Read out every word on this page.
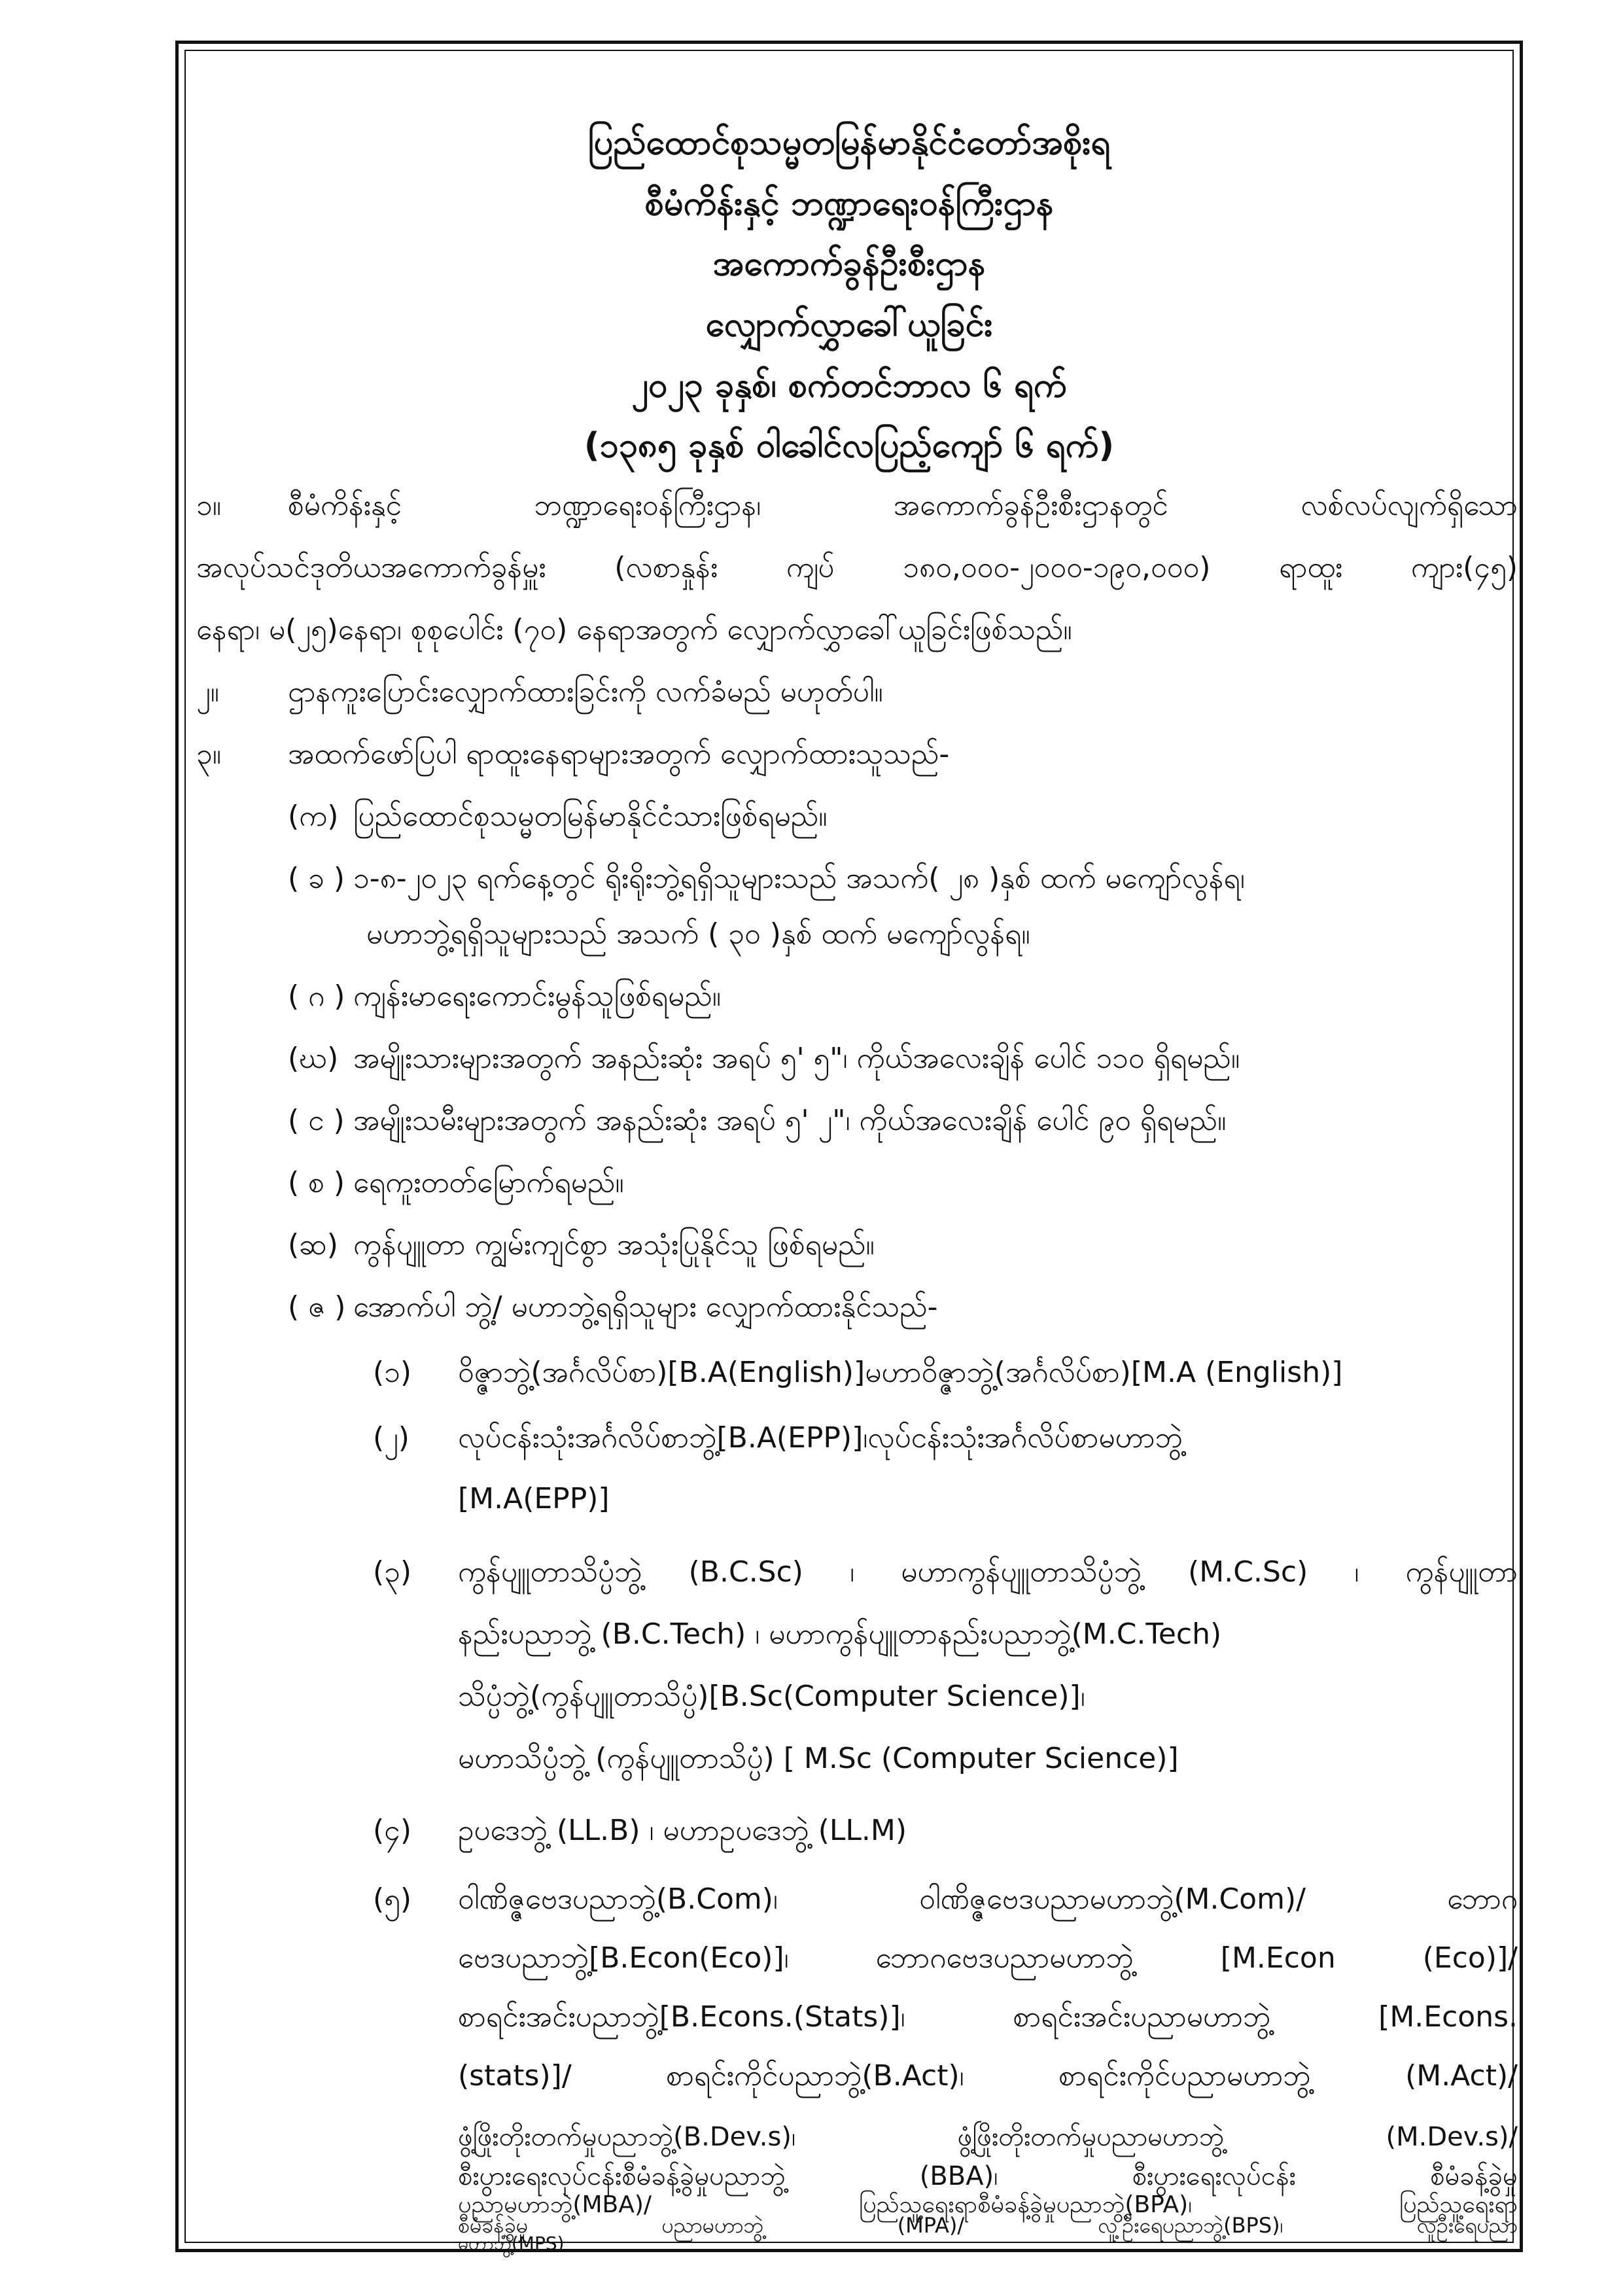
ပြည်ထောင်စုသမ္မတမြန်မာနိုင်ငံတော်အစိုးရ
စီမံကိန်းနှင့် ဘဏ္ဍာရေးဝန်ကြီးဌာန
အကောက်ခွန်ဦးစီးဌာန
လျှောက်လွှာခေါ်ယူခြင်း
၂၀၂၃ ခုနှစ်၊ စက်တင်ဘာလ ၆ ရက်
(၁၃၈၅ ခုနှစ် ဝါခေါင်လပြည့်ကျော် ၆ ရက်)
၁။ စီမံကိန်းနှင့် ဘဏ္ဍာရေးဝန်ကြီးဌာန၊ အကောက်ခွန်ဦးစီးဌာနတွင် လစ်လပ်လျက်ရှိသော
အလုပ်သင်ဒုတိယအကောက်ခွန်မှူး (လစာနှုန်း ကျပ် ၁၈၀,၀၀၀-၂၀၀၀-၁၉၀,၀၀၀) ရာထူး ကျား(၄၅)
နေရာ၊ မ(၂၅)နေရာ၊ စုစုပေါင်း (၇၀) နေရာအတွက် လျှောက်လွှာခေါ်ယူခြင်းဖြစ်သည်။
၂။ ဌာနကူးပြောင်းလျှောက်ထားခြင်းကို လက်ခံမည် မဟုတ်ပါ။
၃။ အထက်ဖော်ပြပါ ရာထူးနေရာများအတွက် လျှောက်ထားသူသည်-
(က) ပြည်ထောင်စုသမ္မတမြန်မာနိုင်ငံသားဖြစ်ရမည်။
( ခ ) ၁-၈-၂၀၂၃ ရက်နေ့တွင် ရိုးရိုးဘွဲ့ရရှိသူများသည် အသက်( ၂၈ )နှစ် ထက် မကျော်လွန်ရ၊
မဟာဘွဲ့ရရှိသူများသည် အသက် ( ၃၀ )နှစ် ထက် မကျော်လွန်ရ။
( ဂ ) ကျန်းမာရေးကောင်းမွန်သူဖြစ်ရမည်။
(ဃ) အမျိုးသားများအတွက် အနည်းဆုံး အရပ် ၅' ၅"၊ ကိုယ်အလေးချိန် ပေါင် ၁၁၀ ရှိရမည်။
( င ) အမျိုးသမီးများအတွက် အနည်းဆုံး အရပ် ၅' ၂"၊ ကိုယ်အလေးချိန် ပေါင် ၉၀ ရှိရမည်။
( စ ) ရေကူးတတ်မြောက်ရမည်။
(ဆ) ကွန်ပျူတာ ကျွမ်းကျင်စွာ အသုံးပြုနိုင်သူ ဖြစ်ရမည်။
( ဇ ) အောက်ပါ ဘွဲ့/ မဟာဘွဲ့ရရှိသူများ လျှောက်ထားနိုင်သည်-
(၁) ဝိဇ္ဇာဘွဲ့(အင်္ဂလိပ်စာ)[B.A(English)]မဟာဝိဇ္ဇာဘွဲ့(အင်္ဂလိပ်စာ)[M.A (English)]
(၂) လုပ်ငန်းသုံးအင်္ဂလိပ်စာဘွဲ့[B.A(EPP)]၊လုပ်ငန်းသုံးအင်္ဂလိပ်စာမဟာဘွဲ့
[M.A(EPP)]
(၃) ကွန်ပျူတာသိပ္ပံဘွဲ့ (B.C.Sc) ၊ မဟာကွန်ပျူတာသိပ္ပံဘွဲ့ (M.C.Sc) ၊ ကွန်ပျူတာ
နည်းပညာဘွဲ့ (B.C.Tech) ၊ မဟာကွန်ပျူတာနည်းပညာဘွဲ့(M.C.Tech)
သိပ္ပံဘွဲ့(ကွန်ပျူတာသိပ္ပံ)[B.Sc(Computer Science)]၊
မဟာသိပ္ပံဘွဲ့ (ကွန်ပျူတာသိပ္ပံ) [ M.Sc (Computer Science)]
(၄) ဥပဒေဘွဲ့ (LL.B) ၊ မဟာဥပဒေဘွဲ့ (LL.M)
(၅) ဝါဏိဇ္ဇဗေဒပညာဘွဲ့(B.Com)၊ ဝါဏိဇ္ဇဗေဒပညာမဟာဘွဲ့(M.Com)/ ဘောဂ
ဗေဒပညာဘွဲ့[B.Econ(Eco)]၊ ဘောဂဗေဒပညာမဟာဘွဲ့ [M.Econ (Eco)]/
စာရင်းအင်းပညာဘွဲ့[B.Econs.(Stats)]၊ စာရင်းအင်းပညာမဟာဘွဲ့ [M.Econs.
(stats)]/ စာရင်းကိုင်ပညာဘွဲ့(B.Act)၊ စာရင်းကိုင်ပညာမဟာဘွဲ့ (M.Act)/
ဖွံ့ဖြိုးတိုးတက်မှုပညာဘွဲ့(B.Dev.s)၊ ဖွံ့ဖြိုးတိုးတက်မှုပညာမဟာဘွဲ့ (M.Dev.s)/
စီးပွားရေးလုပ်ငန်းစီမံခန့်ခွဲမှုပညာဘွဲ့ (BBA)၊ စီးပွားရေးလုပ်ငန်း စီမံခန့်ခွဲမှု
ပညာမဟာဘွဲ့(MBA)/ ပြည်သူ့ရေးရာစီမံခန့်ခွဲမှုပညာဘွဲ့(BPA)၊ ပြည်သူ့ရေးရာ
စီမံခန့်ခွဲမှု ပညာမဟာဘွဲ့ (MPA)/ လူ့ဦးရေပညာဘွဲ့(BPS)၊ လူဦးရေပညာ
မဟာဘွဲ့(MPS)
